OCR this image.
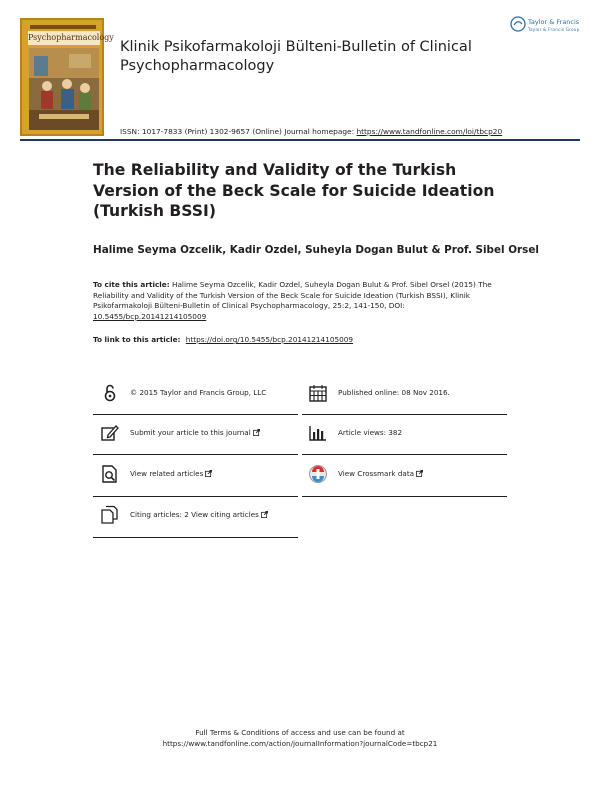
Psychopharmacology
Klinik Psikofarmakoloji Bülteni-Bulletin of Clinical Psychopharmacology
Taylor & Francis
Taylor & Francis Group
ISSN: 1017-7833 (Print) 1302-9657 (Online) Journal homepage: https://www.tandfonline.com/loi/tbcp20
The Reliability and Validity of the Turkish Version of the Beck Scale for Suicide Ideation (Turkish BSSI)
Halime Seyma Ozcelik, Kadir Ozdel, Suheyla Dogan Bulut & Prof. Sibel Orsel
To cite this article: Halime Seyma Ozcelik, Kadir Ozdel, Suheyla Dogan Bulut & Prof. Sibel Orsel (2015) The Reliability and Validity of the Turkish Version of the Beck Scale for Suicide Ideation (Turkish BSSI), Klinik Psikofarmakoloji Bülteni-Bulletin of Clinical Psychopharmacology, 25:2, 141-150, DOI: 10.5455/bcp.20141214105009
To link to this article: https://doi.org/10.5455/bcp.20141214105009
© 2015 Taylor and Francis Group, LLC
Submit your article to this journal
View related articles
Citing articles: 2 View citing articles
Published online: 08 Nov 2016.
Article views: 382
View Crossmark data
Full Terms & Conditions of access and use can be found at
https://www.tandfonline.com/action/journalInformation?journalCode=tbcp21
